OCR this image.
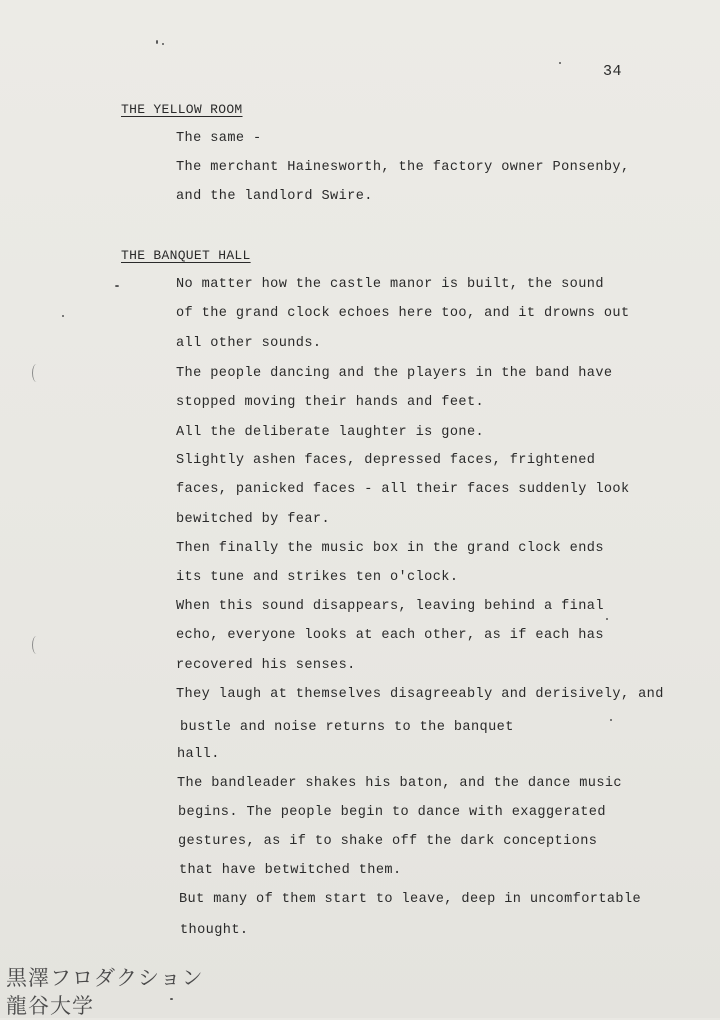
34
THE YELLOW ROOM
The same -
The merchant Hainesworth, the factory owner Ponsenby,
and the landlord Swire.
THE BANQUET HALL
No matter how the castle manor is built, the sound
of the grand clock echoes here too, and it drowns out
all other sounds.
The people dancing and the players in the band have
stopped moving their hands and feet.
All the deliberate laughter is gone.
Slightly ashen faces, depressed faces, frightened
faces, panicked faces - all their faces suddenly look
bewitched by fear.
Then finally the music box in the grand clock ends
its tune and strikes ten o'clock.
When this sound disappears, leaving behind a final
echo, everyone looks at each other, as if each has
recovered his senses.
They laugh at themselves disagreeably and derisively, and
bustle and noise returns to the banquet
hall.
The bandleader shakes his baton, and the dance music
begins. The people begin to dance with exaggerated
gestures, as if to shake off the dark conceptions
that have betwitched them.
But many of them start to leave, deep in uncomfortable
thought.
黒澤フロダクション
龍谷大学
